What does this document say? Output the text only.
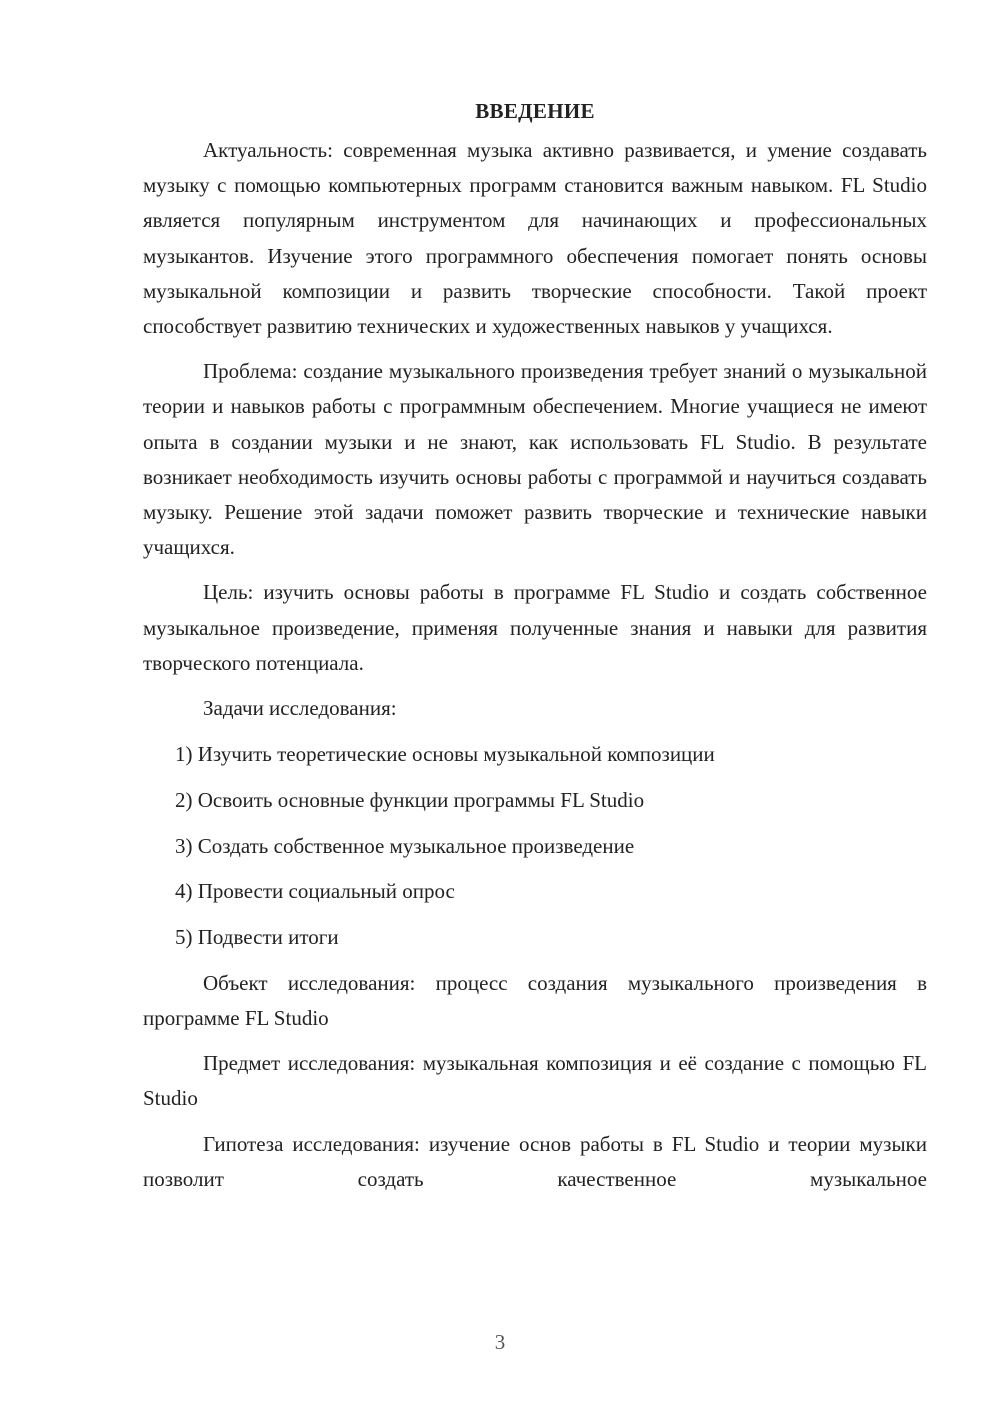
ВВЕДЕНИЕ

Актуальность: современная музыка активно развивается, и умение создавать музыку с помощью компьютерных программ становится важным навыком. FL Studio является популярным инструментом для начинающих и профессиональных музыкантов. Изучение этого программного обеспечения помогает понять основы музыкальной композиции и развить творческие способности. Такой проект способствует развитию технических и художественных навыков у учащихся.

Проблема: создание музыкального произведения требует знаний о музыкальной теории и навыков работы с программным обеспечением. Многие учащиеся не имеют опыта в создании музыки и не знают, как использовать FL Studio. В результате возникает необходимость изучить основы работы с программой и научиться создавать музыку. Решение этой задачи поможет развить творческие и технические навыки учащихся.

Цель: изучить основы работы в программе FL Studio и создать собственное музыкальное произведение, применяя полученные знания и навыки для развития творческого потенциала.

Задачи исследования:

1) Изучить теоретические основы музыкальной композиции
2) Освоить основные функции программы FL Studio
3) Создать собственное музыкальное произведение
4) Провести социальный опрос
5) Подвести итоги

Объект исследования: процесс создания музыкального произведения в программе FL Studio

Предмет исследования: музыкальная композиция и её создание с помощью FL Studio

Гипотеза исследования: изучение основ работы в FL Studio и теории музыки позволит создать качественное музыкальное

3
